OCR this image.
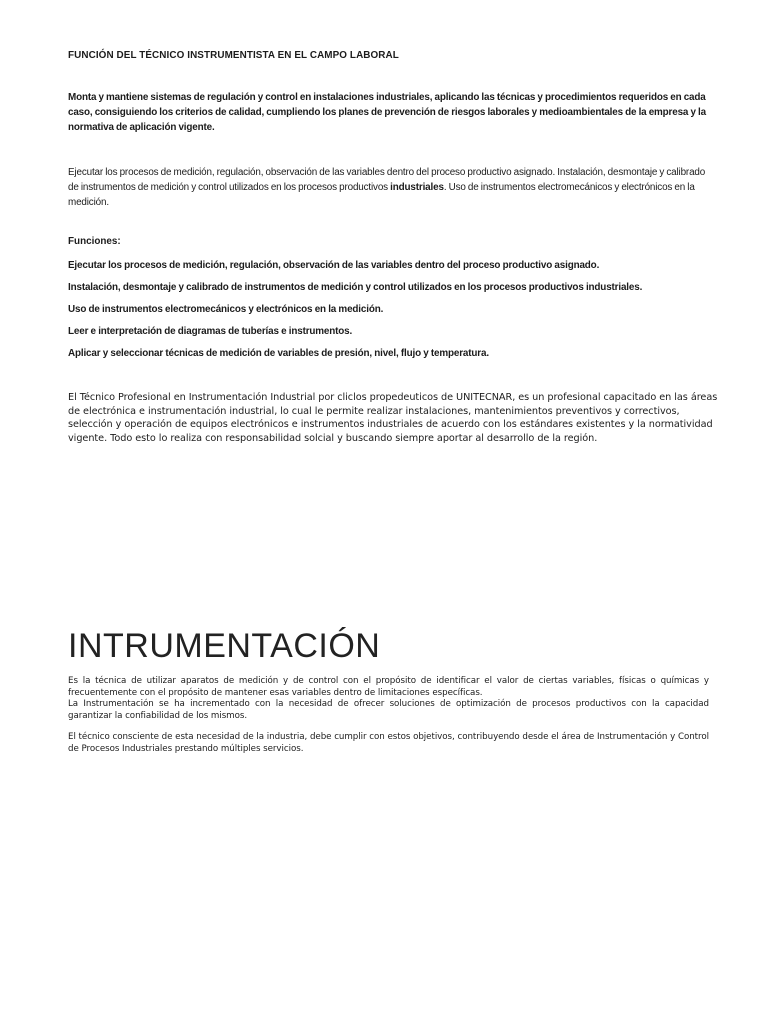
FUNCIÓN DEL TÉCNICO INSTRUMENTISTA EN EL CAMPO LABORAL

Monta y mantiene sistemas de regulación y control en instalaciones industriales, aplicando las técnicas y procedimientos requeridos en cada caso, consiguiendo los criterios de calidad, cumpliendo los planes de prevención de riesgos laborales y medioambientales de la empresa y la normativa de aplicación vigente.

Ejecutar los procesos de medición, regulación, observación de las variables dentro del proceso productivo asignado. Instalación, desmontaje y calibrado de instrumentos de medición y control utilizados en los procesos productivos industriales. Uso de instrumentos electromecánicos y electrónicos en la medición.

Funciones:
Ejecutar los procesos de medición, regulación, observación de las variables dentro del proceso productivo asignado.
Instalación, desmontaje y calibrado de instrumentos de medición y control utilizados en los procesos productivos industriales.
Uso de instrumentos electromecánicos y electrónicos en la medición.
Leer e interpretación de diagramas de tuberías e instrumentos.
Aplicar y seleccionar técnicas de medición de variables de presión, nivel, flujo y temperatura.

El Técnico Profesional en Instrumentación Industrial por cliclos propedeuticos de UNITECNAR, es un profesional capacitado en las áreas de electrónica e instrumentación industrial, lo cual le permite realizar instalaciones, mantenimientos preventivos y correctivos, selección y operación de equipos electrónicos e instrumentos industriales de acuerdo con los estándares existentes y la normatividad vigente. Todo esto lo realiza con responsabilidad solcial y buscando siempre aportar al desarrollo de la región.

INTRUMENTACIÓN

Es la técnica de utilizar aparatos de medición y de control con el propósito de identificar el valor de ciertas variables, físicas o químicas y frecuentemente con el propósito de mantener esas variables dentro de limitaciones específicas.

La Instrumentación se ha incrementado con la necesidad de ofrecer soluciones de optimización de procesos productivos con la capacidad garantizar la confiabilidad de los mismos.

El técnico consciente de esta necesidad de la industria, debe cumplir con estos objetivos, contribuyendo desde el área de Instrumentación y Control de Procesos Industriales prestando múltiples servicios.
